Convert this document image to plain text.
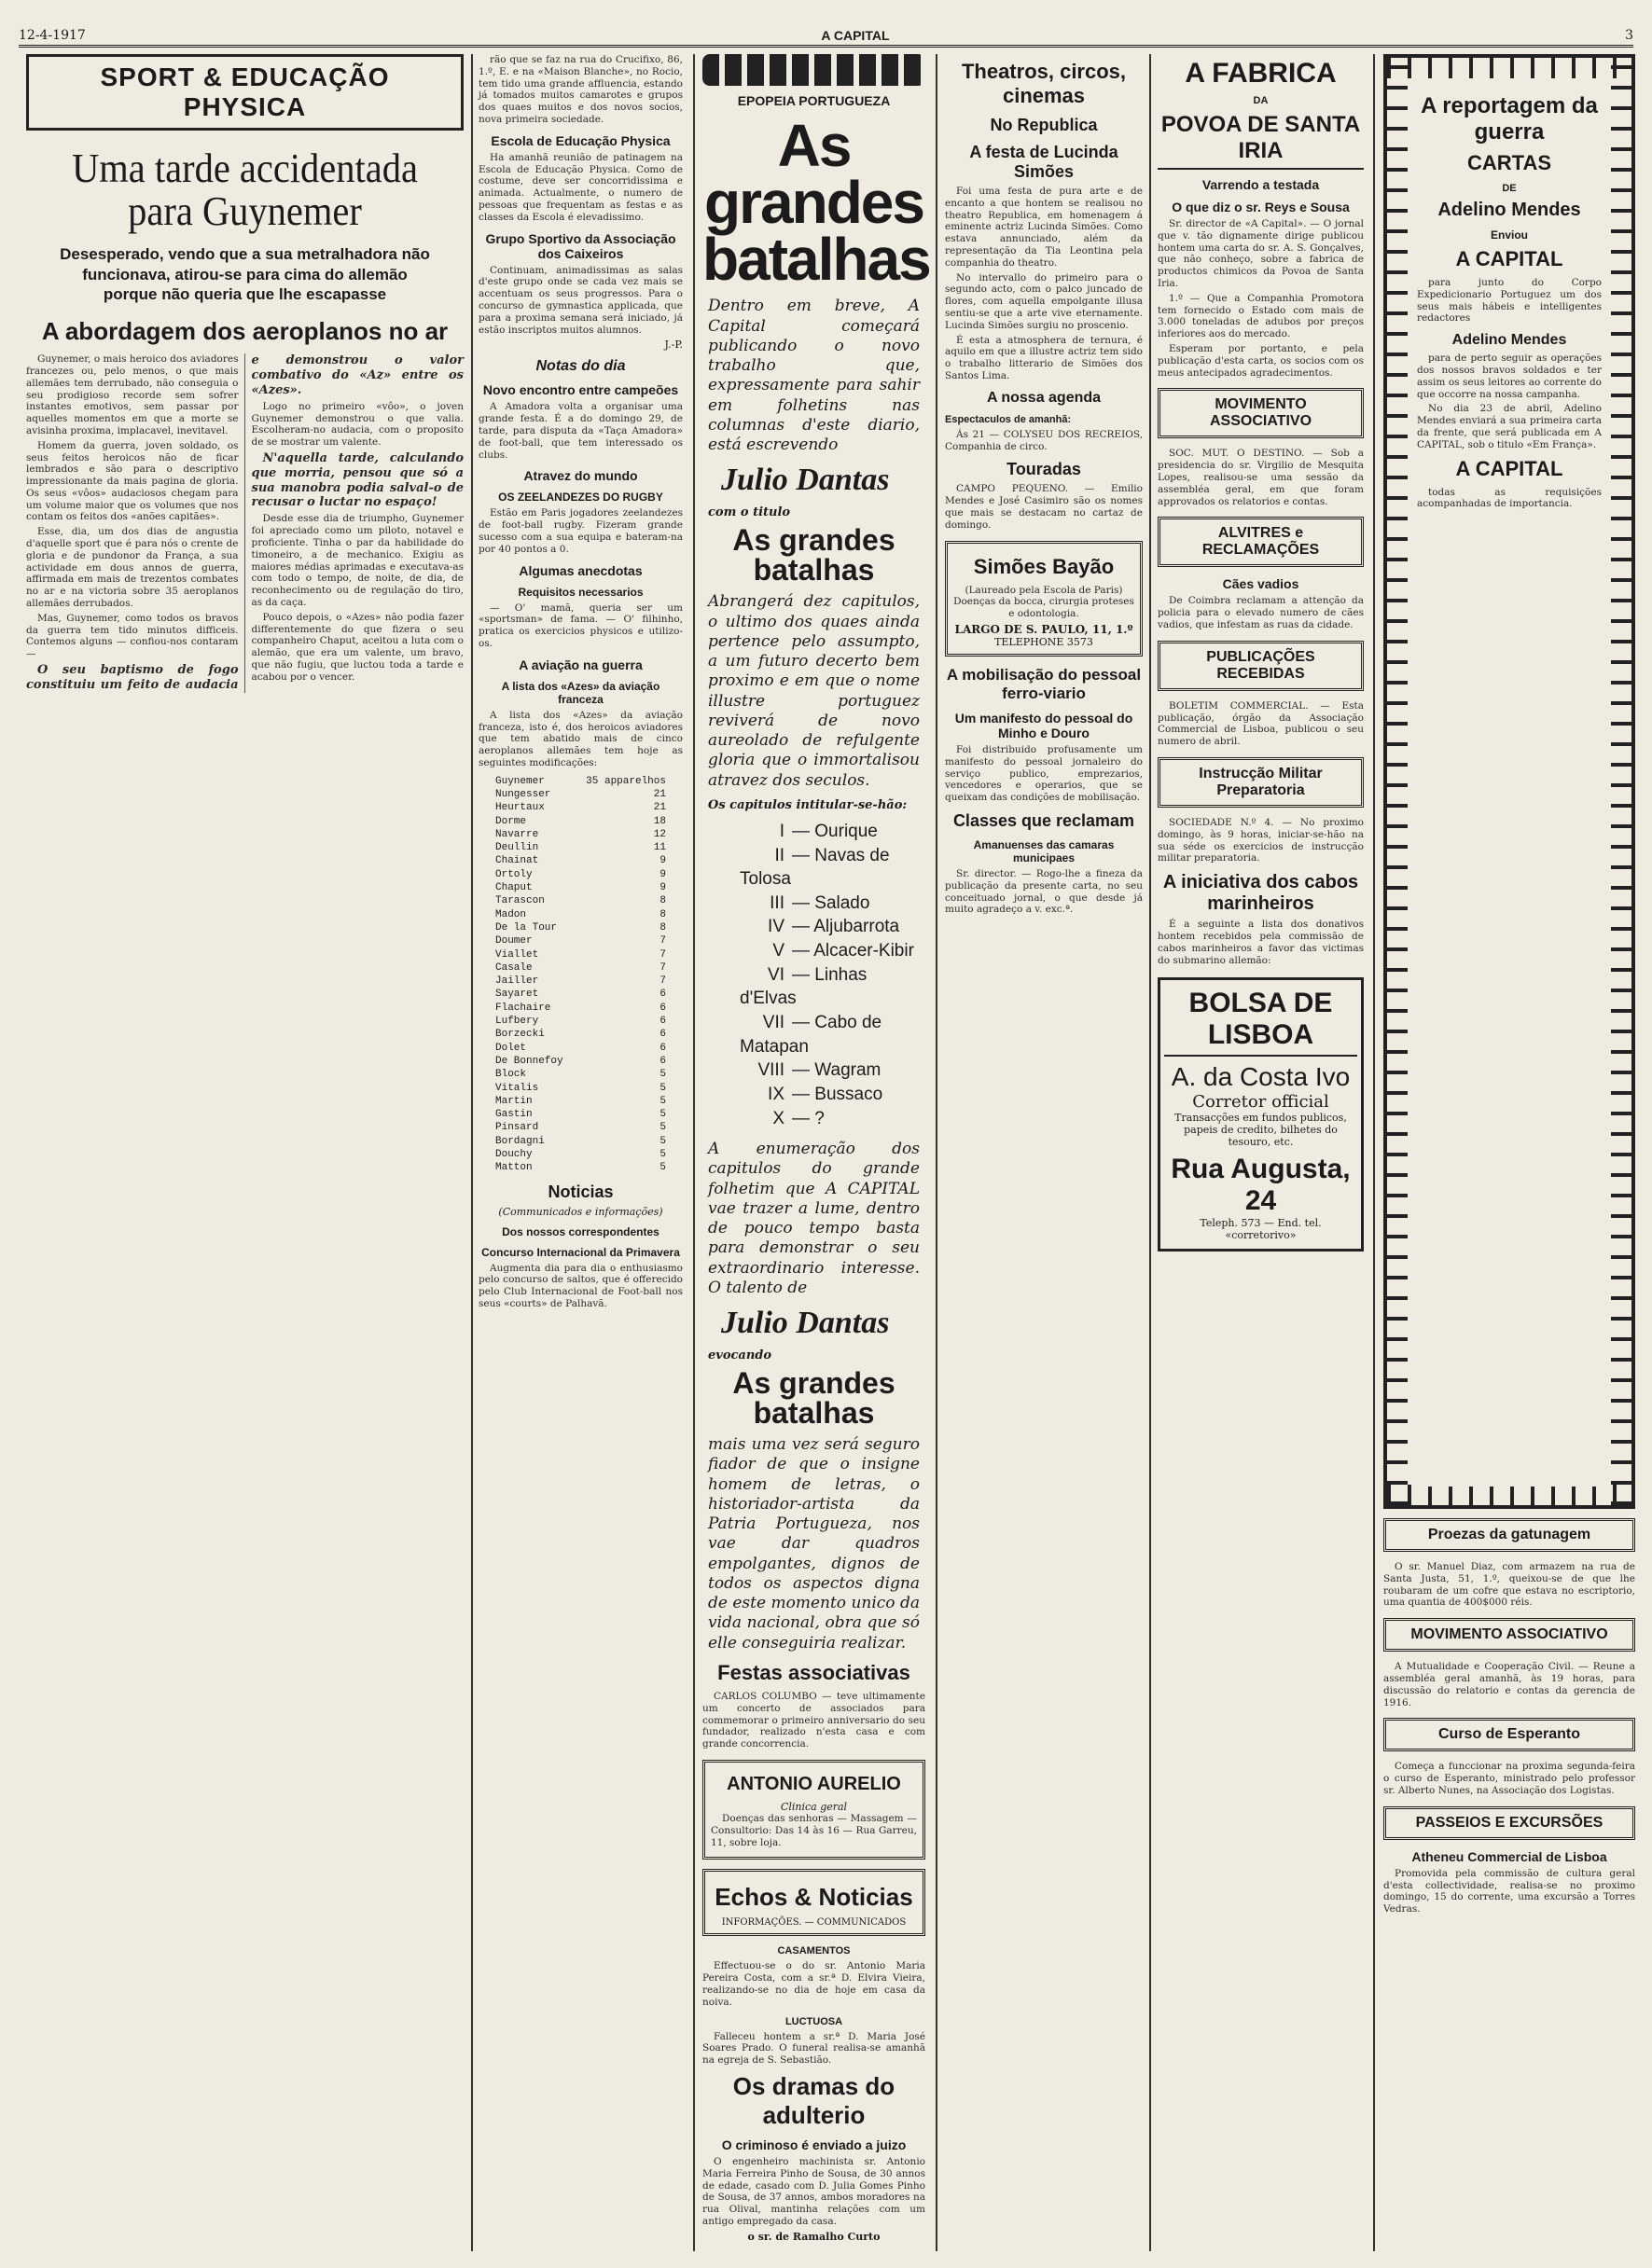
12-4-1917	A CAPITAL	3
SPORT & EDUCAÇÃO PHYSICA
Uma tarde accidentada para Guynemer
Desesperado, vendo que a sua metralhadora não funcionava, atirou-se para cima do allemão porque não queria que lhe escapasse
A abordagem dos aeroplanos no ar

Guynemer, o mais heroico dos aviadores francezes ou, pelo menos, o que mais allemães tem derrubado, não conseguia o seu prodigioso recorde sem sofrer instantes emotivos, sem passar por aquelles momentos em que a morte se avisinha proxima, implacavel, inevitavel.

Homem da guerra, joven soldado, os seus feitos heroicos não de ficar lembrados e são para o descriptivo impressionante da mais pagina de gloria. Os seus «vôos» audaciosos chegam para um volume maior que os volumes que nos contam os feitos dos «anões capitães».

Esse, dia, um dos dias de angustia d'aquelle sport que é para nós o crente de gloria e de pundonor da França, a sua actividade em dous annos de guerra, affirmada em mais de trezentos combates no ar e na victoria sobre 35 aeroplanos allemães derrubados.

Mas, Guynemer, como todos os bravos da guerra tem tido minutos difficeis. Contemos alguns — confiou-nos contaram —

O seu baptismo de fogo constituiu um feito de audacia e demonstrou o valor combativo do «Az» entre os «Azes».

Logo no primeiro «vôo», o joven Guynemer demonstrou o que valia. Escolheram-no audacia, com o proposito de se mostrar um valente.

N'aquella tarde, calculando que morria, pensou que só a sua manobra podia salval-o de recusar o luctar no espaço!

Desde esse dia de triumpho, Guynemer foi apreciado como um piloto, notavel e proficiente. Tinha o par da habilidade do timoneiro, a de mechanico. Exigiu as maiores médias aprimadas e executava-as com todo o tempo, de noite, de dia, de reconhecimento ou de regulação do tiro, as da caça.

Pouco depois, o «Azes» não podia fazer differentemente do que fizera o seu companheiro Chaput, aceitou a luta com o alemão, que era um valente, um bravo, que não fugiu, que luctou toda a tarde e acabou por o vencer.

rão que se faz na rua do Crucifixo, 86, 1.º, E. e na «Maison Blanche», no Rocio, tem tido uma grande affluencia, estando já tomados muitos camarotes e grupos dos quaes muitos e dos novos socios, nova primeira sociedade.

Escola de Educação Physica

Ha amanhã reunião de patinagem na Escola de Educação Physica. Como de costume, deve ser concorridissima e animada. Actualmente, o numero de pessoas que frequentam as festas e as classes da Escola é elevadissimo.

Grupo Sportivo da Associação dos Caixeiros

Continuam, animadissimas as salas d'este grupo onde se cada vez mais se accentuam os seus progressos. Para o concurso de gymnastica applicada, que para a proxima semana será iniciado, já estão inscriptos muitos alumnos.

J.-P.
Notas do dia
Novo encontro entre campeões

A Amadora volta a organisar uma grande festa. É a do domingo 29, de tarde, para disputa da «Taça Amadora» de foot-ball, que tem interessado os clubs.

Atravez do mundo
OS ZEELANDEZES DO RUGBY

Estão em Paris jogadores zeelandezes de foot-ball rugby. Fizeram grande sucesso com a sua equipa e bateram-na por 40 pontos a 0.

Algumas anecdotas
Requisitos necessarios

— O' mamã, queria ser um «sportsman» de fama. — O' filhinho, pratica os exercicios physicos e utilizo-os.

A aviação na guerra
A lista dos «Azes» da aviação franceza

A lista dos «Azes» da aviação franceza, isto é, dos heroicos aviadores que tem abatido mais de cinco aeroplanos allemães tem hoje as seguintes modificações:

Guynemer	35 apparelhos
Nungesser	21
Heurtaux	21
Dorme	18
Navarre	12
Deullin	11
Chainat	9
Ortoly	9
Chaput	9
Tarascon	8
Madon	8
De la Tour	8
Doumer	7
Viallet	7
Casale	7
Jailler	7
Sayaret	6
Flachaire	6
Lufbery	6
Borzecki	6
Dolet	6
De Bonnefoy	6
Block	5
Vitalis	5
Martin	5
Gastin	5
Pinsard	5
Bordagni	5
Douchy	5
Matton	5
Noticias
(Communicados e informações)
Dos nossos correspondentes
Concurso Internacional da Primavera

Augmenta dia para dia o enthusiasmo pelo concurso de saltos, que é offerecido pelo Club Internacional de Foot-ball nos seus «courts» de Palhavã.

EPOPEIA PORTUGUEZA
As grandes batalhas
Dentro em breve, A Capital começará publicando o novo trabalho que, expressamente para sahir em folhetins nas columnas d'este diario, está escrevendo
Julio Dantas
com o titulo
As grandes batalhas
Abrangerá dez capitulos, o ultimo dos quaes ainda pertence pelo assumpto, a um futuro decerto bem proximo e em que o nome illustre portuguez reviverá de novo aureolado de refulgente gloria que o immortalisou atravez dos seculos.
Os capitulos intitular-se-hão:
I — Ourique
II — Navas de Tolosa
III — Salado
IV — Aljubarrota
V — Alcacer-Kibir
VI — Linhas d'Elvas
VII — Cabo de Matapan
VIII — Wagram
IX — Bussaco
X — ?
A enumeração dos capitulos do grande folhetim que A CAPITAL vae trazer a lume, dentro de pouco tempo basta para demonstrar o seu extraordinario interesse. O talento de
Julio Dantas
evocando
As grandes batalhas
mais uma vez será seguro fiador de que o insigne homem de letras, o historiador-artista da Patria Portugueza, nos vae dar quadros empolgantes, dignos de todos os aspectos digna de este momento unico da vida nacional, obra que só elle conseguiria realizar.
Festas associativas

CARLOS COLUMBO — teve ultimamente um concerto de associados para commemorar o primeiro anniversario do seu fundador, realizado n'esta casa e com grande concorrencia.

ANTONIO AURELIO
Clinica geral

Doenças das senhoras — Massagem — Consultorio: Das 14 às 16 — Rua Garreu, 11, sobre loja.

Echos & Noticias
INFORMAÇÕES. — COMMUNICADOS
CASAMENTOS

Effectuou-se o do sr. Antonio Maria Pereira Costa, com a sr.ª D. Elvira Vieira, realizando-se no dia de hoje em casa da noiva.

LUCTUOSA

Falleceu hontem a sr.ª D. Maria José Soares Prado. O funeral realisa-se amanhã na egreja de S. Sebastião.

Os dramas do adulterio
O criminoso é enviado a juizo

O engenheiro machinista sr. Antonio Maria Ferreira Pinho de Sousa, de 30 annos de edade, casado com D. Julia Gomes Pinho de Sousa, de 37 annos, ambos moradores na rua Olival, mantinha relações com um antigo empregado da casa.

o sr. de Ramalho Curto
Theatros, circos, cinemas
No Republica
A festa de Lucinda Simões

Foi uma festa de pura arte e de encanto a que hontem se realisou no theatro Republica, em homenagem á eminente actriz Lucinda Simões. Como estava annunciado, além da representação da Tia Leontina pela companhia do theatro.

No intervallo do primeiro para o segundo acto, com o palco juncado de flores, com aquella empolgante illusa sentiu-se que a arte vive eternamente. Lucinda Simões surgiu no proscenio.

É esta a atmosphera de ternura, é aquilo em que a illustre actriz tem sido o trabalho litterario de Simões dos Santos Lima.

A nossa agenda
Espectaculos de amanhã:

Ás 21 — COLYSEU DOS RECREIOS, Companhia de circo.

Touradas

CAMPO PEQUENO. — Emilio Mendes e José Casimiro são os nomes que mais se destacam no cartaz de domingo.

Simões Bayão

(Laureado pela Escola de Paris) Doenças da bocca, cirurgia proteses e odontologia.

LARGO DE S. PAULO, 11, 1.º
TELEPHONE 3573
A mobilisação do pessoal ferro-viario
Um manifesto do pessoal do Minho e Douro

Foi distribuido profusamente um manifesto do pessoal jornaleiro do serviço publico, emprezarios, vencedores e operarios, que se queixam das condições de mobilisação.

Classes que reclamam
Amanuenses das camaras municipaes

Sr. director. — Rogo-lhe a fineza da publicação da presente carta, no seu conceituado jornal, o que desde já muito agradeço a v. exc.ª.

A FABRICA
DA
POVOA DE SANTA IRIA
Varrendo a testada
O que diz o sr. Reys e Sousa

Sr. director de «A Capital». — O jornal que v. tão dignamente dirige publicou hontem uma carta do sr. A. S. Gonçalves, que não conheço, sobre a fabrica de productos chimicos da Povoa de Santa Iria.

1.º — Que a Companhia Promotora tem fornecido o Estado com mais de 3.000 toneladas de adubos por preços inferiores aos do mercado.

Esperam por portanto, e pela publicação d'esta carta, os socios com os meus antecipados agradecimentos.

MOVIMENTO ASSOCIATIVO

SOC. MUT. O DESTINO. — Sob a presidencia do sr. Virgilio de Mesquita Lopes, realisou-se uma sessão da assembléa geral, em que foram approvados os relatorios e contas.

ALVITRES e RECLAMAÇÕES
Cães vadios

De Coimbra reclamam a attenção da policia para o elevado numero de cães vadios, que infestam as ruas da cidade.

PUBLICAÇÕES RECEBIDAS

BOLETIM COMMERCIAL. — Esta publicação, órgão da Associação Commercial de Lisboa, publicou o seu numero de abril.

Instrucção Militar Preparatoria

SOCIEDADE N.º 4. — No proximo domingo, às 9 horas, iniciar-se-hão na sua séde os exercicios de instrucção militar preparatoria.

A iniciativa dos cabos marinheiros

É a seguinte a lista dos donativos hontem recebidos pela commissão de cabos marinheiros a favor das victimas do submarino allemão:

BOLSA DE LISBOA
A. da Costa Ivo
Corretor official
Transacções em fundos publicos, papeis de credito, bilhetes do tesouro, etc.
Rua Augusta, 24
Teleph. 573 — End. tel. «corretorivo»
A reportagem da guerra
CARTAS
DE
Adelino Mendes
Enviou
A CAPITAL

para junto do Corpo Expedicionario Portuguez um dos seus mais hábeis e intelligentes redactores

Adelino Mendes

para de perto seguir as operações dos nossos bravos soldados e ter assim os seus leitores ao corrente do que occorre na nossa campanha.

No dia 23 de abril, Adelino Mendes enviará a sua primeira carta da frente, que será publicada em A CAPITAL, sob o titulo «Em França».

A CAPITAL

todas as requisições acompanhadas de importancia.

Proezas da gatunagem

O sr. Manuel Diaz, com armazem na rua de Santa Justa, 51, 1.º, queixou-se de que lhe roubaram de um cofre que estava no escriptorio, uma quantia de 400$000 réis.

MOVIMENTO ASSOCIATIVO

A Mutualidade e Cooperação Civil. — Reune a assembléa geral amanhã, às 19 horas, para discussão do relatorio e contas da gerencia de 1916.

Curso de Esperanto

Começa a funccionar na proxima segunda-feira o curso de Esperanto, ministrado pelo professor sr. Alberto Nunes, na Associação dos Logistas.

PASSEIOS E EXCURSÕES
Atheneu Commercial de Lisboa

Promovida pela commissão de cultura geral d'esta collectividade, realisa-se no proximo domingo, 15 do corrente, uma excursão a Torres Vedras.
